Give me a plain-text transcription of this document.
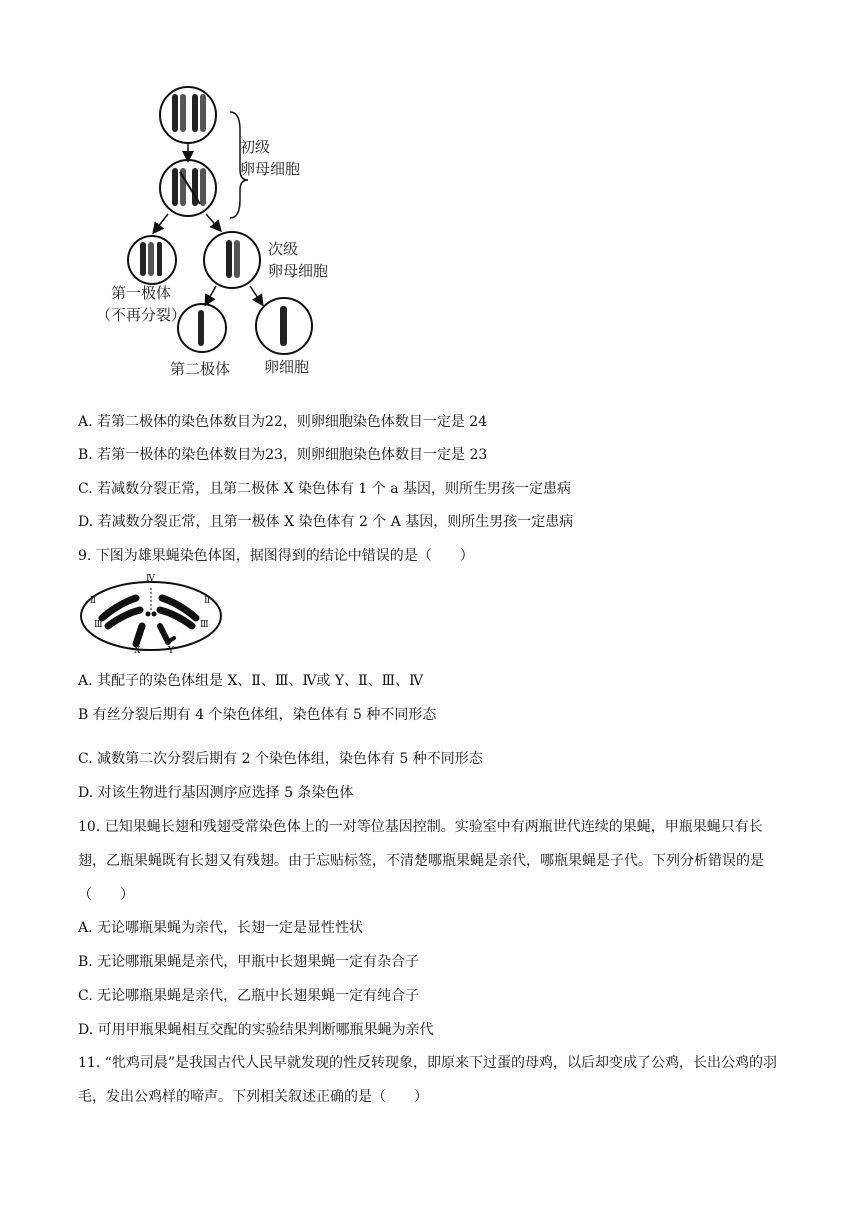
初级
卵母细胞
次级
卵母细胞
第一极体
（不再分裂）
第二极体 卵细胞
A. 若第二极体的染色体数目为22，则卵细胞染色体数目一定是 24
B. 若第一极体的染色体数目为23，则卵细胞染色体数目一定是 23
C. 若减数分裂正常，且第二极体 X 染色体有 1 个 a 基因，则所生男孩一定患病
D. 若减数分裂正常，且第一极体 X 染色体有 2 个 A 基因，则所生男孩一定患病
9. 下图为雄果蝇染色体图，据图得到的结论中错误的是（　　）
Ⅳ
Ⅱ
Ⅲ
Ⅱ
Ⅲ
X	Y
A. 其配子的染色体组是 X、Ⅱ、Ⅲ、Ⅳ或 Y、Ⅱ、Ⅲ、Ⅳ
B 有丝分裂后期有 4 个染色体组，染色体有 5 种不同形态
C. 减数第二次分裂后期有 2 个染色体组，染色体有 5 种不同形态
D. 对该生物进行基因测序应选择 5 条染色体
10. 已知果蝇长翅和残翅受常染色体上的一对等位基因控制。实验室中有两瓶世代连续的果蝇，甲瓶果蝇只有长翅，乙瓶果蝇既有长翅又有残翅。由于忘贴标签，不清楚哪瓶果蝇是亲代，哪瓶果蝇是子代。下列分析错误的是（　　）
A. 无论哪瓶果蝇为亲代，长翅一定是显性性状
B. 无论哪瓶果蝇是亲代，甲瓶中长翅果蝇一定有杂合子
C. 无论哪瓶果蝇是亲代，乙瓶中长翅果蝇一定有纯合子
D. 可用甲瓶果蝇相互交配的实验结果判断哪瓶果蝇为亲代
11. “牝鸡司晨”是我国古代人民早就发现的性反转现象，即原来下过蛋的母鸡，以后却变成了公鸡，长出公鸡的羽毛，发出公鸡样的啼声。下列相关叙述正确的是（　　）
